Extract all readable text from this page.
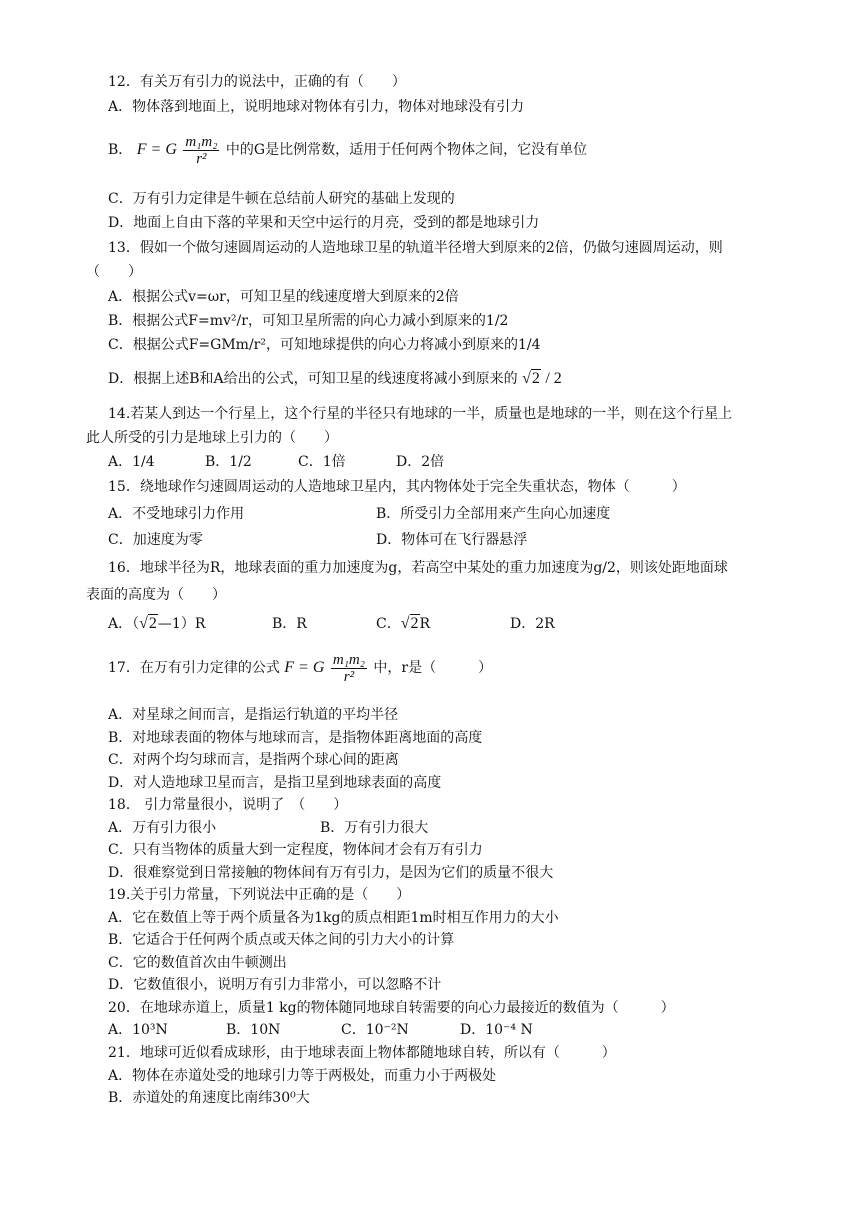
12．有关万有引力的说法中，正确的有（　　）
A．物体落到地面上，说明地球对物体有引力，物体对地球没有引力
B． F = G $\frac{\text{m₁m₂}}{\text{r²}}$ 中的G是比例常数，适用于任何两个物体之间，它没有单位
C．万有引力定律是牛顿在总结前人研究的基础上发现的
D．地面上自由下落的苹果和天空中运行的月亮，受到的都是地球引力
13．假如一个做匀速圆周运动的人造地球卫星的轨道半径增大到原来的2倍，仍做匀速圆周运动，则
（　　）
A．根据公式v=ωr，可知卫星的线速度增大到原来的2倍
B．根据公式F=mv²/r，可知卫星所需的向心力减小到原来的1/2
C．根据公式F=GMm/r²，可知地球提供的向心力将减小到原来的1/4
D．根据上述B和A给出的公式，可知卫星的线速度将减小到原来的 √2 / 2
14.若某人到达一个行星上，这个行星的半径只有地球的一半，质量也是地球的一半，则在这个行星上
此人所受的引力是地球上引力的（　　）
A．1/4	B．1/2	C．1倍	D．2倍
15．绕地球作匀速圆周运动的人造地球卫星内，其内物体处于完全失重状态，物体（　　　）
A．不受地球引力作用	B．所受引力全部用来产生向心加速度
C．加速度为零	D．物体可在飞行器悬浮
16．地球半径为R，地球表面的重力加速度为g，若高空中某处的重力加速度为g/2，则该处距地面球
表面的高度为（　　）
A．（√2—1）R	B．R	C．√2R	D．2R
17．在万有引力定律的公式 F = G $\frac{\text{m₁m₂}}{\text{r²}}$ 中，r是（　　　）
A．对星球之间而言，是指运行轨道的平均半径
B．对地球表面的物体与地球而言，是指物体距离地面的高度
C．对两个均匀球而言，是指两个球心间的距离
D．对人造地球卫星而言，是指卫星到地球表面的高度
18． 引力常量很小，说明了　（　　）
A．万有引力很小	B．万有引力很大
C．只有当物体的质量大到一定程度，物体间才会有万有引力
D．很难察觉到日常接触的物体间有万有引力，是因为它们的质量不很大
19.关于引力常量，下列说法中正确的是（　　）
A．它在数值上等于两个质量各为1kg的质点相距1m时相互作用力的大小
B．它适合于任何两个质点或天体之间的引力大小的计算
C．它的数值首次由牛顿测出
D．它数值很小，说明万有引力非常小，可以忽略不计
20．在地球赤道上，质量1 kg的物体随同地球自转需要的向心力最接近的数值为（　　　）
A．10³N	B．10N	C．10⁻²N	D．10⁻⁴ N
21．地球可近似看成球形，由于地球表面上物体都随地球自转，所以有（　　　）
A．物体在赤道处受的地球引力等于两极处，而重力小于两极处
B．赤道处的角速度比南纬30⁰大
